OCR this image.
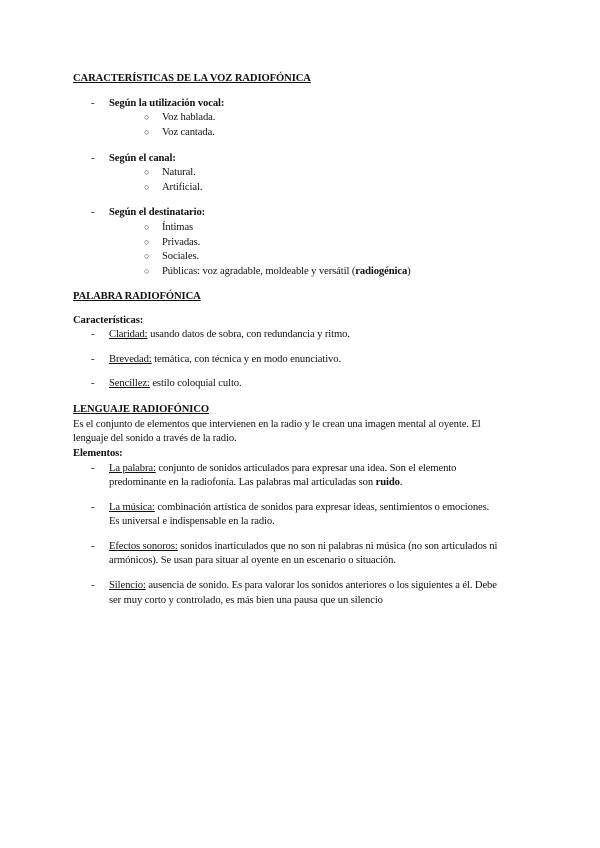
CARACTERÍSTICAS DE LA VOZ RADIOFÓNICA
- Según la utilización vocal:
○ Voz hablada.
○ Voz cantada.
- Según el canal:
○ Natural.
○ Artificial.
- Según el destinatario:
○ Íntimas
○ Privadas.
○ Sociales.
○ Públicas: voz agradable, moldeable y versátil (radiogénica)
PALABRA RADIOFÓNICA
Características:
- Claridad: usando datos de sobra, con redundancia y ritmo.
- Brevedad: temática, con técnica y en modo enunciativo.
- Sencillez: estilo coloquial culto.
LENGUAJE RADIOFÓNICO
Es el conjunto de elementos que intervienen en la radio y le crean una imagen mental al oyente. El
lenguaje del sonido a través de la radio.
Elementos:
- La palabra: conjunto de sonidos articulados para expresar una idea. Son el elemento
predominante en la radiofonía. Las palabras mal articuladas son ruido.
- La música: combinación artística de sonidos para expresar ideas, sentimientos o emociones.
Es universal e indispensable en la radio.
- Efectos sonoros: sonidos inarticulados que no son ni palabras ni música (no son articulados ni
armónicos). Se usan para situar al oyente en un escenario o situación.
- Silencio: ausencia de sonido. Es para valorar los sonidos anteriores o los siguientes a él. Debe
ser muy corto y controlado, es más bien una pausa que un silencio
